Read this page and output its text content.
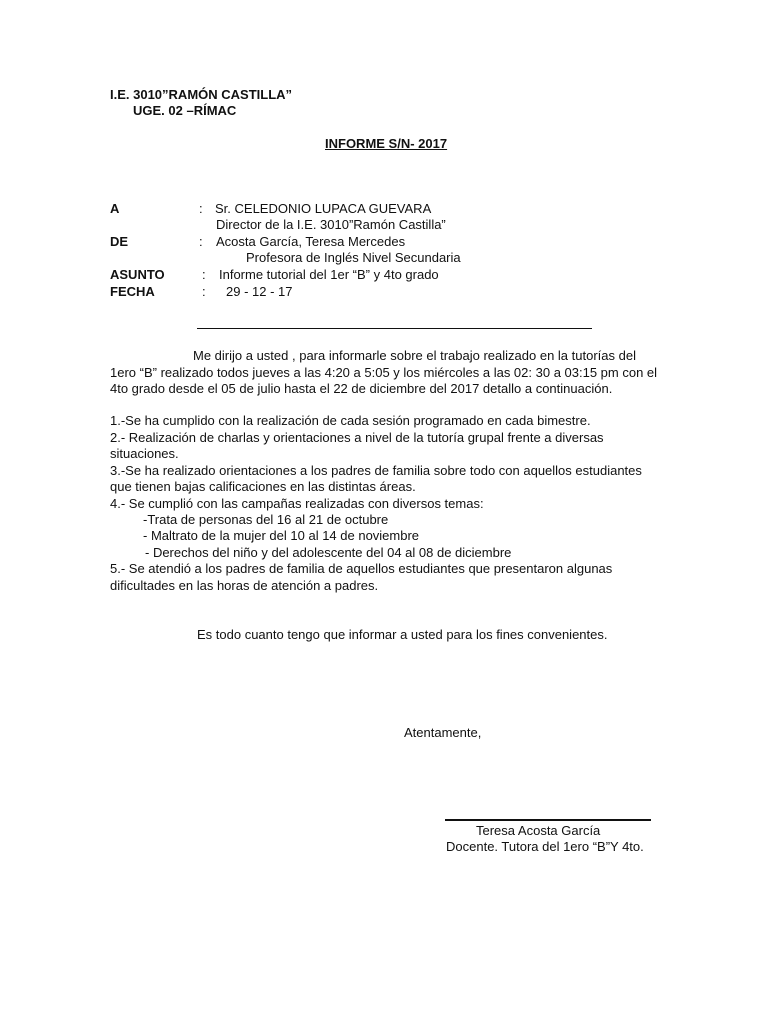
I.E. 3010”RAMÓN CASTILLA”
UGE. 02 –RÍMAC
INFORME S/N- 2017
A	: Sr. CELEDONIO LUPACA GUEVARA
Director de la I.E. 3010”Ramón Castilla”
DE	: Acosta García, Teresa Mercedes
Profesora de Inglés Nivel Secundaria
ASUNTO	: Informe tutorial del 1er “B” y 4to grado
FECHA	: 29 - 12 - 17
Me dirijo a usted , para informarle sobre el trabajo realizado en la tutorías del
1ero “B” realizado todos jueves a las 4:20 a 5:05 y los miércoles a las 02: 30 a 03:15 pm con el
4to grado desde el 05 de julio hasta el 22 de diciembre del 2017 detallo a continuación.
1.-Se ha cumplido con la realización de cada sesión programado en cada bimestre.
2.- Realización de charlas y orientaciones a nivel de la tutoría grupal frente a diversas
situaciones.
3.-Se ha realizado orientaciones a los padres de familia sobre todo con aquellos estudiantes
que tienen bajas calificaciones en las distintas áreas.
4.- Se cumplió con las campañas realizadas con diversos temas:
-Trata de personas del 16 al 21 de octubre
- Maltrato de la mujer del 10 al 14 de noviembre
- Derechos del niño y del adolescente del 04 al 08 de diciembre
5.- Se atendió a los padres de familia de aquellos estudiantes que presentaron algunas
dificultades en las horas de atención a padres.
Es todo cuanto tengo que informar a usted para los fines convenientes.
Atentamente,
Teresa Acosta García
Docente. Tutora del 1ero “B”Y 4to.
